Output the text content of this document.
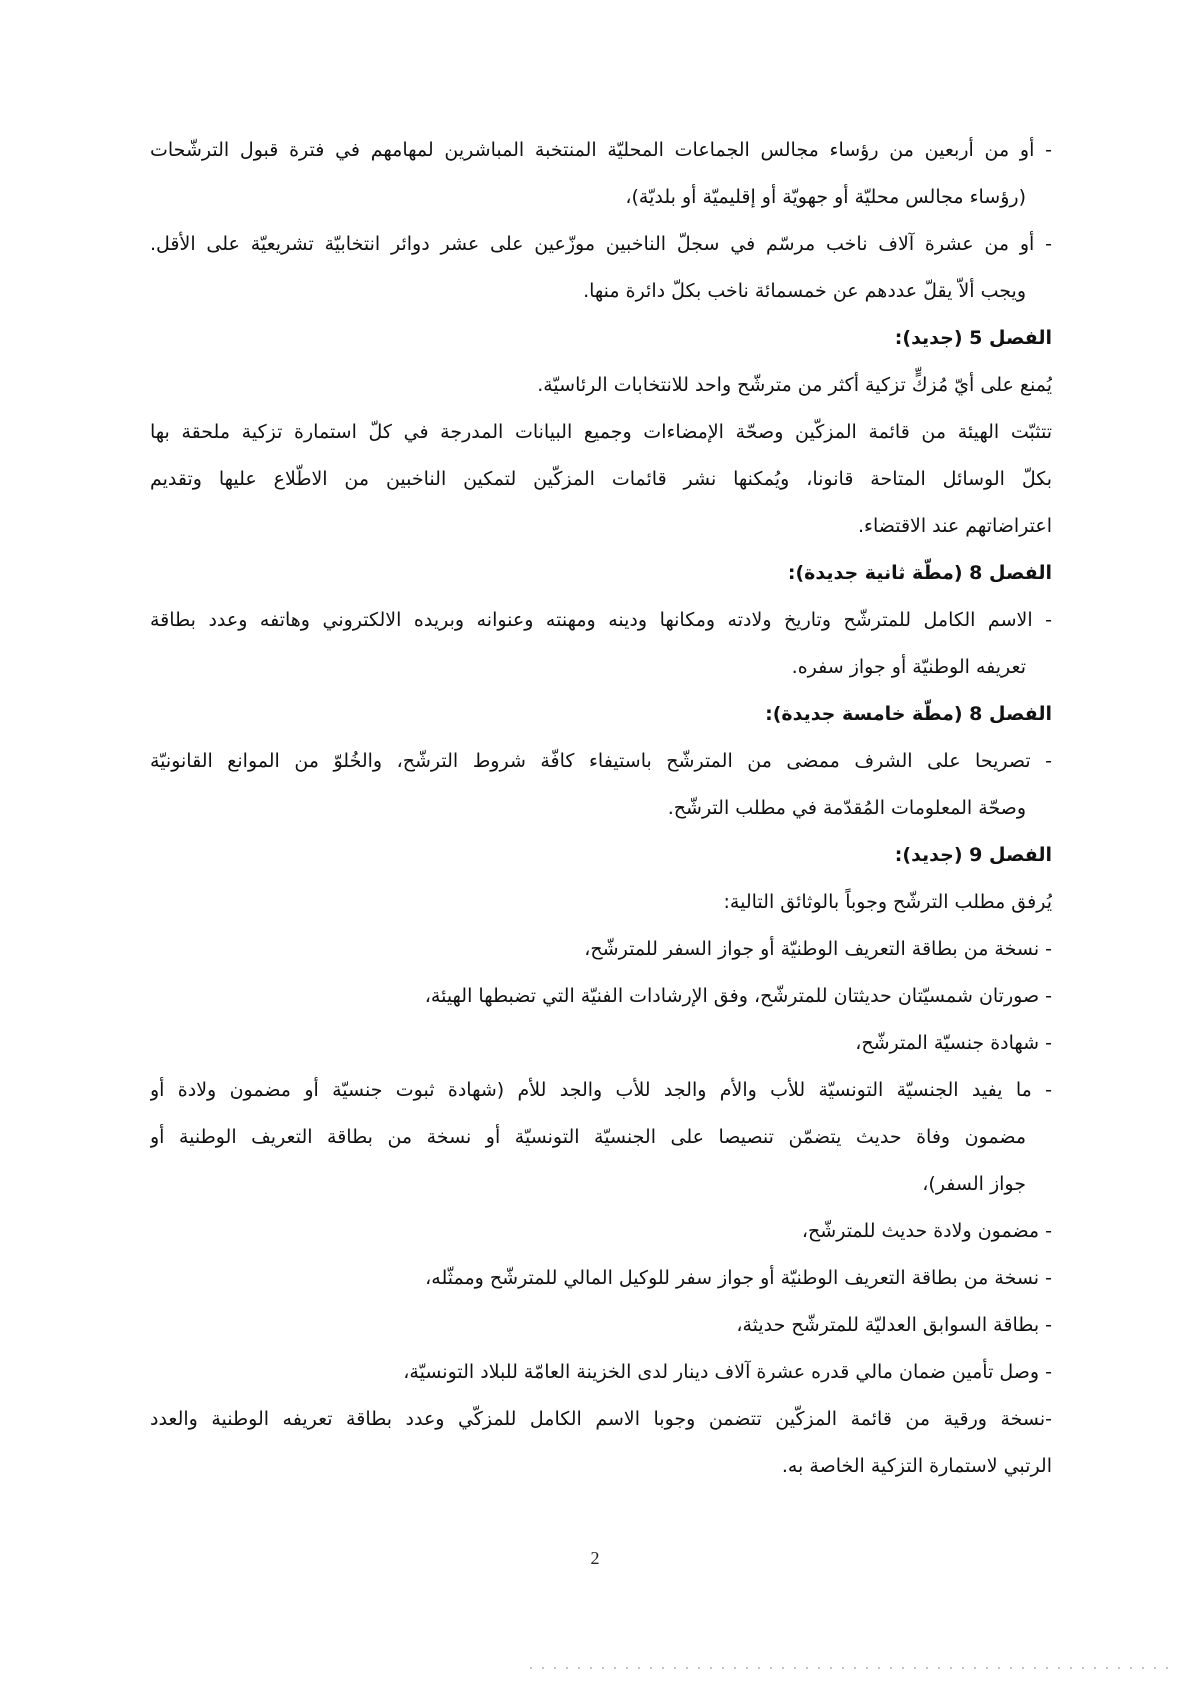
- أو من أربعين من رؤساء مجالس الجماعات المحليّة المنتخبة المباشرين لمهامهم في فترة قبول الترشّحات
(رؤساء مجالس محليّة أو جهويّة أو إقليميّة أو بلديّة)،
- أو من عشرة آلاف ناخب مرسّم في سجلّ الناخبين موزّعين على عشر دوائر انتخابيّة تشريعيّة على الأقل.
ويجب ألاّ يقلّ عددهم عن خمسمائة ناخب بكلّ دائرة منها.
الفصل 5 (جديد):
يُمنع على أيّ مُزكٍّ تزكية أكثر من مترشّح واحد للانتخابات الرئاسيّة.
تتثبّت الهيئة من قائمة المزكّين وصحّة الإمضاءات وجميع البيانات المدرجة في كلّ استمارة تزكية ملحقة بها
بكلّ الوسائل المتاحة قانونا، ويُمكنها نشر قائمات المزكّين لتمكين الناخبين من الاطّلاع عليها وتقديم
اعتراضاتهم عند الاقتضاء.
الفصل 8 (مطّة ثانية جديدة):
- الاسم الكامل للمترشّح وتاريخ ولادته ومكانها ودينه ومهنته وعنوانه وبريده الالكتروني وهاتفه وعدد بطاقة
تعريفه الوطنيّة أو جواز سفره.
الفصل 8 (مطّة خامسة جديدة):
- تصريحا على الشرف ممضى من المترشّح باستيفاء كافّة شروط الترشّح، والخُلوّ من الموانع القانونيّة
وصحّة المعلومات المُقدّمة في مطلب الترشّح.
الفصل 9 (جديد):
يُرفق مطلب الترشّح وجوباً بالوثائق التالية:
- نسخة من بطاقة التعريف الوطنيّة أو جواز السفر للمترشّح،
- صورتان شمسيّتان حديثتان للمترشّح، وفق الإرشادات الفنيّة التي تضبطها الهيئة،
- شهادة جنسيّة المترشّح،
- ما يفيد الجنسيّة التونسيّة للأب والأم والجد للأب والجد للأم (شهادة ثبوت جنسيّة أو مضمون ولادة أو
مضمون وفاة حديث يتضمّن تنصيصا على الجنسيّة التونسيّة أو نسخة من بطاقة التعريف الوطنية أو
جواز السفر)،
- مضمون ولادة حديث للمترشّح،
- نسخة من بطاقة التعريف الوطنيّة أو جواز سفر للوكيل المالي للمترشّح وممثّله،
- بطاقة السوابق العدليّة للمترشّح حديثة،
- وصل تأمين ضمان مالي قدره عشرة آلاف دينار لدى الخزينة العامّة للبلاد التونسيّة،
-نسخة ورقية من قائمة المزكّين تتضمن وجوبا الاسم الكامل للمزكّي وعدد بطاقة تعريفه الوطنية والعدد
الرتبي لاستمارة التزكية الخاصة به.
2
